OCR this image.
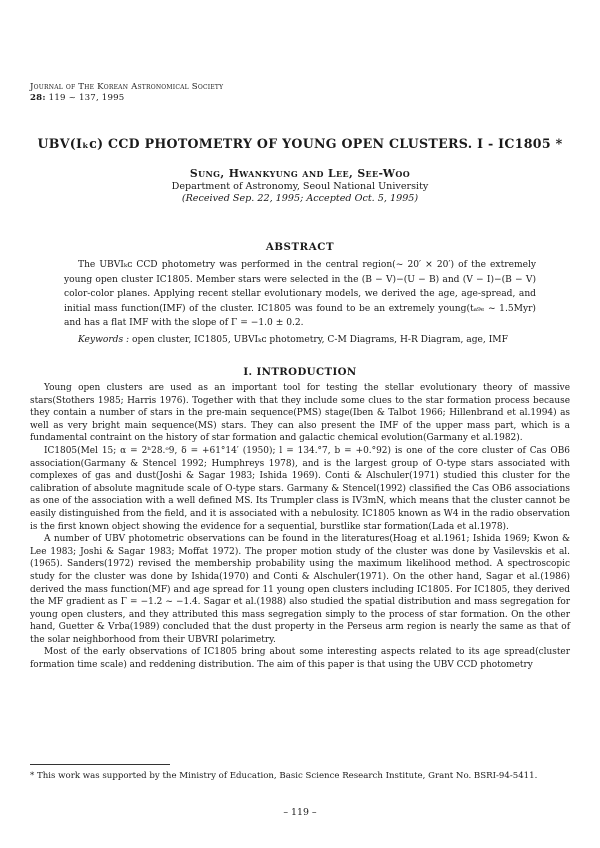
Journal of The Korean Astronomical Society
28: 119 ~ 137, 1995
UBV(Iₖᴄ) CCD PHOTOMETRY OF YOUNG OPEN CLUSTERS. I - IC1805 *
Sung, Hwankyung and Lee, See-Woo
Department of Astronomy, Seoul National University
(Received Sep. 22, 1995; Accepted Oct. 5, 1995)
ABSTRACT
The UBVIₖᴄ CCD photometry was performed in the central region(~ 20′ × 20′) of the extremely young open cluster IC1805. Member stars were selected in the (B − V)−(U − B) and (V − I)−(B − V) color-color planes. Applying recent stellar evolutionary models, we derived the age, age-spread, and initial mass function(IMF) of the cluster. IC1805 was found to be an extremely young(tₐ₉ₑ ~ 1.5Myr) and has a flat IMF with the slope of Γ = −1.0 ± 0.2.
Keywords : open cluster, IC1805, UBVIₖᴄ photometry, C-M Diagrams, H-R Diagram, age, IMF
I. INTRODUCTION

Young open clusters are used as an important tool for testing the stellar evolutionary theory of massive stars(Stothers 1985; Harris 1976). Together with that they include some clues to the star formation process because they contain a number of stars in the pre-main sequence(PMS) stage(Iben & Talbot 1966; Hillenbrand et al.1994) as well as very bright main sequence(MS) stars. They can also present the IMF of the upper mass part, which is a fundamental contraint on the history of star formation and galactic chemical evolution(Garmany et al.1982).

IC1805(Mel 15; α = 2ʰ28.ᵒ9, δ = +61°14′ (1950); l = 134.°7, b = +0.°92) is one of the core cluster of Cas OB6 association(Garmany & Stencel 1992; Humphreys 1978), and is the largest group of O-type stars associated with complexes of gas and dust(Joshi & Sagar 1983; Ishida 1969). Conti & Alschuler(1971) studied this cluster for the calibration of absolute magnitude scale of O-type stars. Garmany & Stencel(1992) classified the Cas OB6 associations as one of the association with a well defined MS. Its Trumpler class is IV3mN, which means that the cluster cannot be easily distinguished from the field, and it is associated with a nebulosity. IC1805 known as W4 in the radio observation is the first known object showing the evidence for a sequential, burstlike star formation(Lada et al.1978).

A number of UBV photometric observations can be found in the literatures(Hoag et al.1961; Ishida 1969; Kwon & Lee 1983; Joshi & Sagar 1983; Moffat 1972). The proper motion study of the cluster was done by Vasilevskis et al.(1965). Sanders(1972) revised the membership probability using the maximum likelihood method. A spectroscopic study for the cluster was done by Ishida(1970) and Conti & Alschuler(1971). On the other hand, Sagar et al.(1986) derived the mass function(MF) and age spread for 11 young open clusters including IC1805. For IC1805, they derived the MF gradient as Γ = −1.2 ~ −1.4. Sagar et al.(1988) also studied the spatial distribution and mass segregation for young open clusters, and they attributed this mass segregation simply to the process of star formation. On the other hand, Guetter & Vrba(1989) concluded that the dust property in the Perseus arm region is nearly the same as that of the solar neighborhood from their UBVRI polarimetry.

Most of the early observations of IC1805 bring about some interesting aspects related to its age spread(cluster formation time scale) and reddening distribution. The aim of this paper is that using the UBV CCD photometry

* This work was supported by the Ministry of Education, Basic Science Research Institute, Grant No. BSRI-94-5411.
– 119 –
